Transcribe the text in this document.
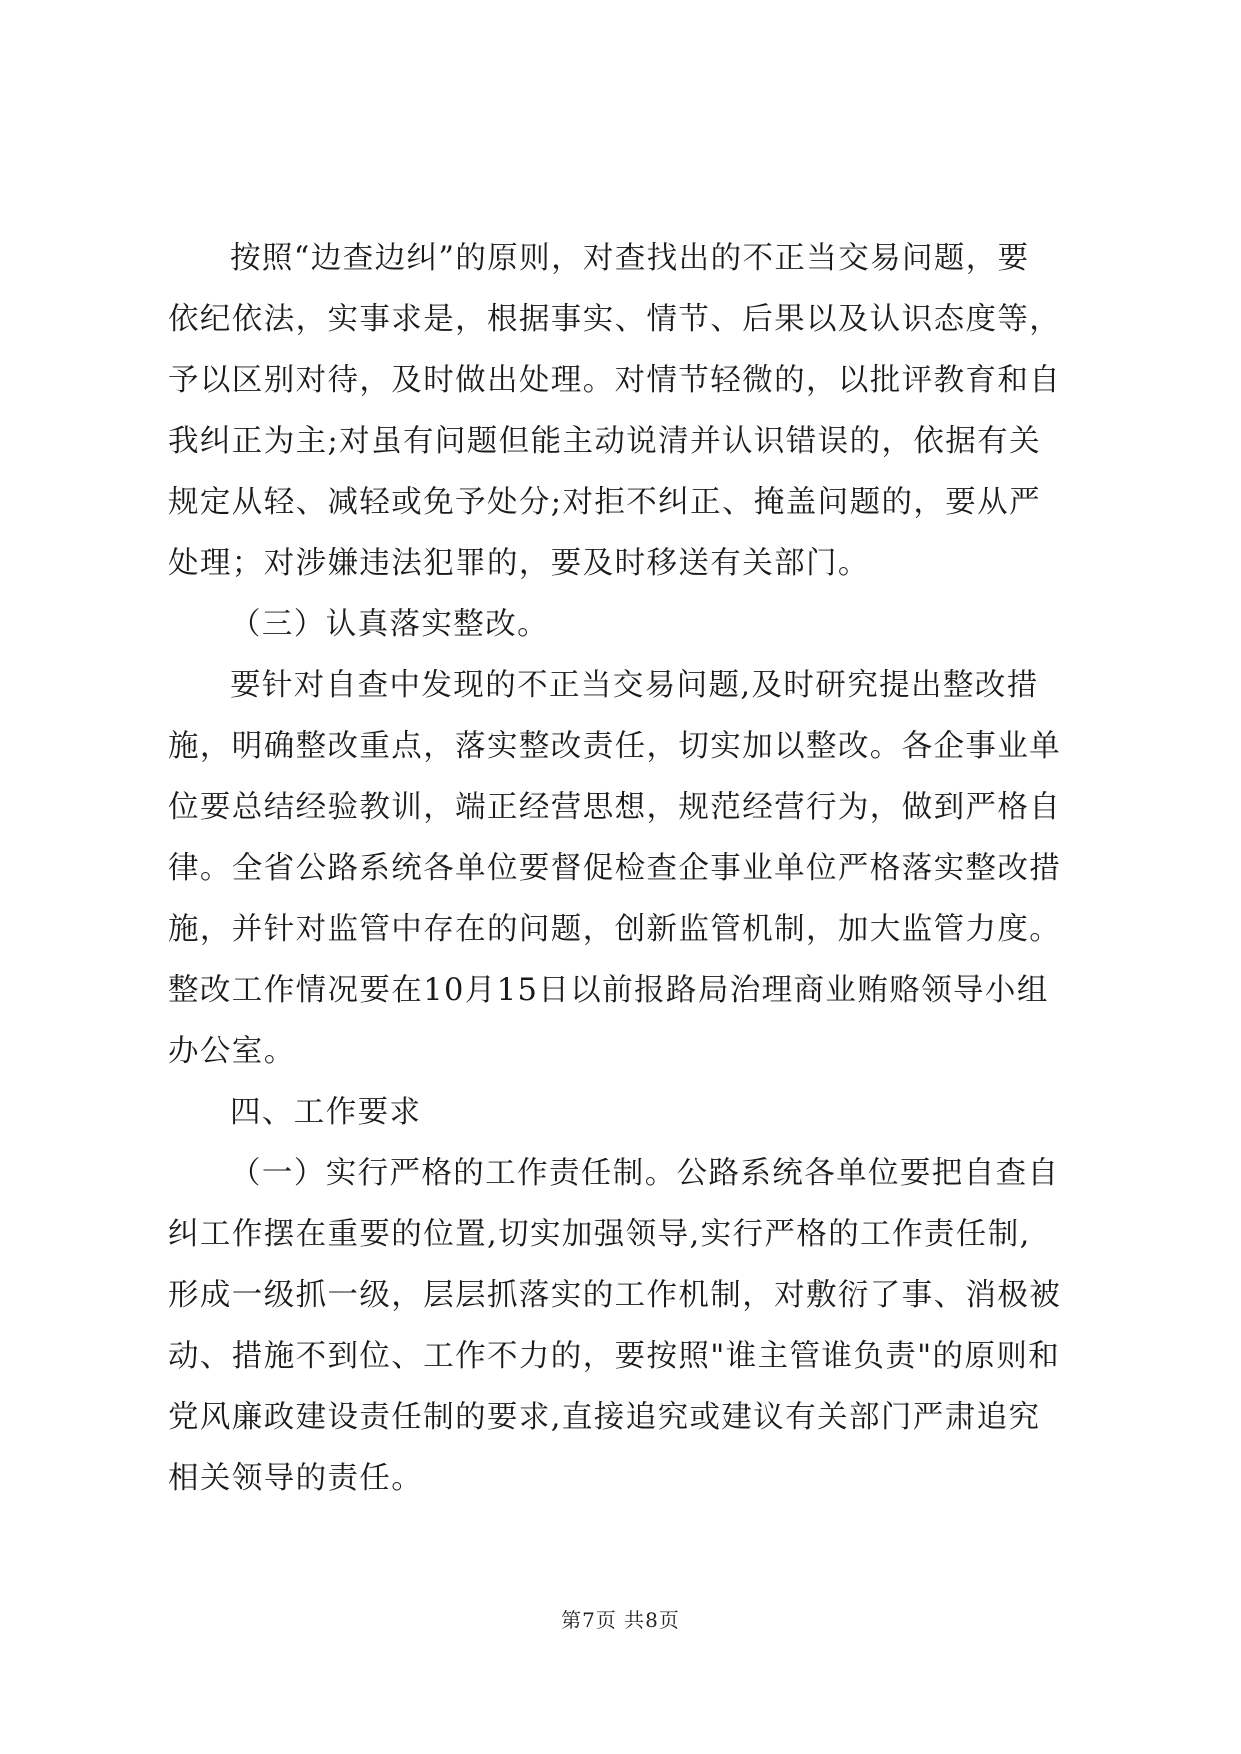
按照“边查边纠”的原则，对查找出的不正当交易问题，要
依纪依法，实事求是，根据事实、情节、后果以及认识态度等，
予以区别对待，及时做出处理。对情节轻微的，以批评教育和自
我纠正为主;对虽有问题但能主动说清并认识错误的，依据有关
规定从轻、减轻或免予处分;对拒不纠正、掩盖问题的，要从严
处理；对涉嫌违法犯罪的，要及时移送有关部门。
（三）认真落实整改。
要针对自查中发现的不正当交易问题,及时研究提出整改措
施，明确整改重点，落实整改责任，切实加以整改。各企事业单
位要总结经验教训，端正经营思想，规范经营行为，做到严格自
律。全省公路系统各单位要督促检查企事业单位严格落实整改措
施，并针对监管中存在的问题，创新监管机制，加大监管力度。
整改工作情况要在10月15日以前报路局治理商业贿赂领导小组
办公室。
四、工作要求
（一）实行严格的工作责任制。公路系统各单位要把自查自
纠工作摆在重要的位置,切实加强领导,实行严格的工作责任制,
形成一级抓一级，层层抓落实的工作机制，对敷衍了事、消极被
动、措施不到位、工作不力的，要按照"谁主管谁负责"的原则和
党风廉政建设责任制的要求,直接追究或建议有关部门严肃追究
相关领导的责任。
第7页 共8页
